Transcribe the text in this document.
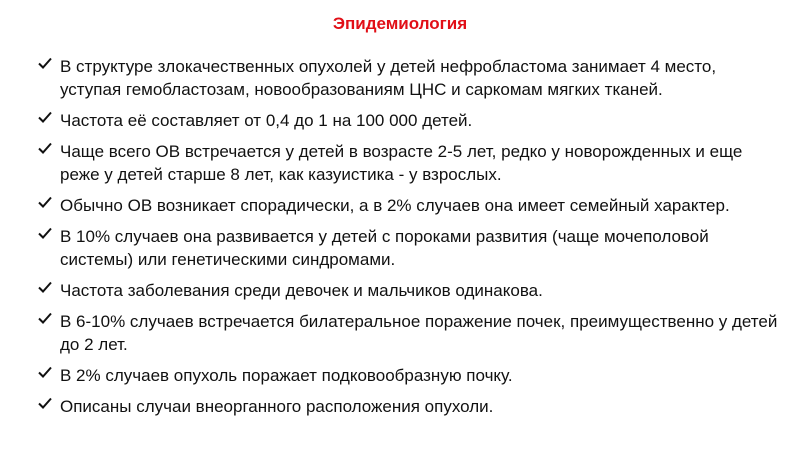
Эпидемиология
В структуре злокачественных опухолей у детей нефробластома занимает 4 место, уступая гемобластозам, новообразованиям ЦНС и саркомам мягких тканей.
Частота её составляет от 0,4 до 1 на 100 000 детей.
Чаще всего ОВ встречается у детей в возрасте 2-5 лет, редко у новорожденных и еще реже у детей старше 8 лет, как казуистика - у взрослых.
Обычно ОВ возникает спорадически, а в 2% случаев она имеет семейный характер.
В 10% случаев она развивается у детей с пороками развития (чаще мочеполовой системы) или генетическими синдромами.
Частота заболевания среди девочек и мальчиков одинакова.
В 6-10% случаев встречается билатеральное поражение почек, преимущественно у детей до 2 лет.
В 2% случаев опухоль поражает подковообразную почку.
Описаны случаи внеорганного расположения опухоли.
